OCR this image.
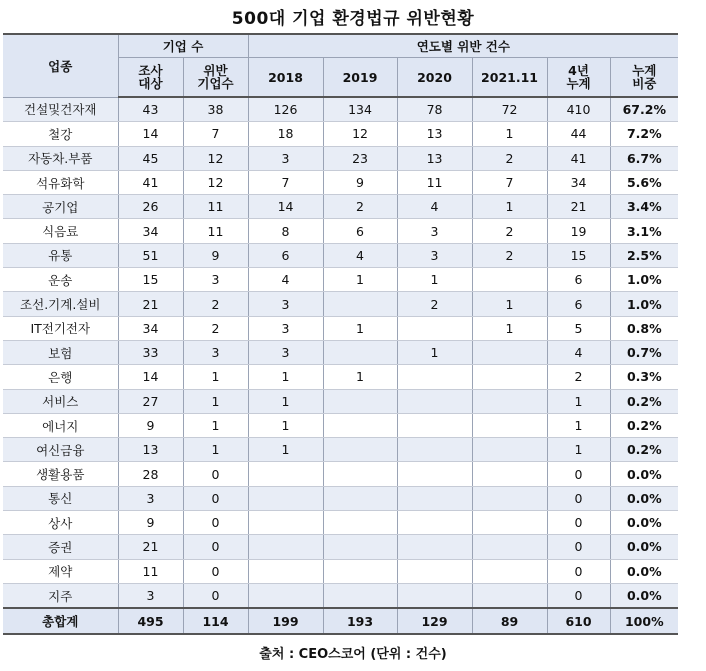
500대 기업 환경법규 위반현황
업종	기업 수		연도별 위반 건수					
	조사 대상	위반 기업수	2018	2019	2020	2021.11	4년 누계	누계 비중
건설및건자재	43	38	126	134	78	72	410	67.2%
철강	14	7	18	12	13	1	44	7.2%
자동차.부품	45	12	3	23	13	2	41	6.7%
석유화학	41	12	7	9	11	7	34	5.6%
공기업	26	11	14	2	4	1	21	3.4%
식음료	34	11	8	6	3	2	19	3.1%
유통	51	9	6	4	3	2	15	2.5%
운송	15	3	4	1	1		6	1.0%
조선.기계.설비	21	2	3		2	1	6	1.0%
IT전기전자	34	2	3	1		1	5	0.8%
보험	33	3	3		1		4	0.7%
은행	14	1	1	1			2	0.3%
서비스	27	1	1				1	0.2%
에너지	9	1	1				1	0.2%
여신금융	13	1	1				1	0.2%
생활용품	28	0					0	0.0%
통신	3	0					0	0.0%
상사	9	0					0	0.0%
증권	21	0					0	0.0%
제약	11	0					0	0.0%
지주	3	0					0	0.0%
총합계	495	114	199	193	129	89	610	100%
출처 : CEO스코어 (단위 : 건수)
